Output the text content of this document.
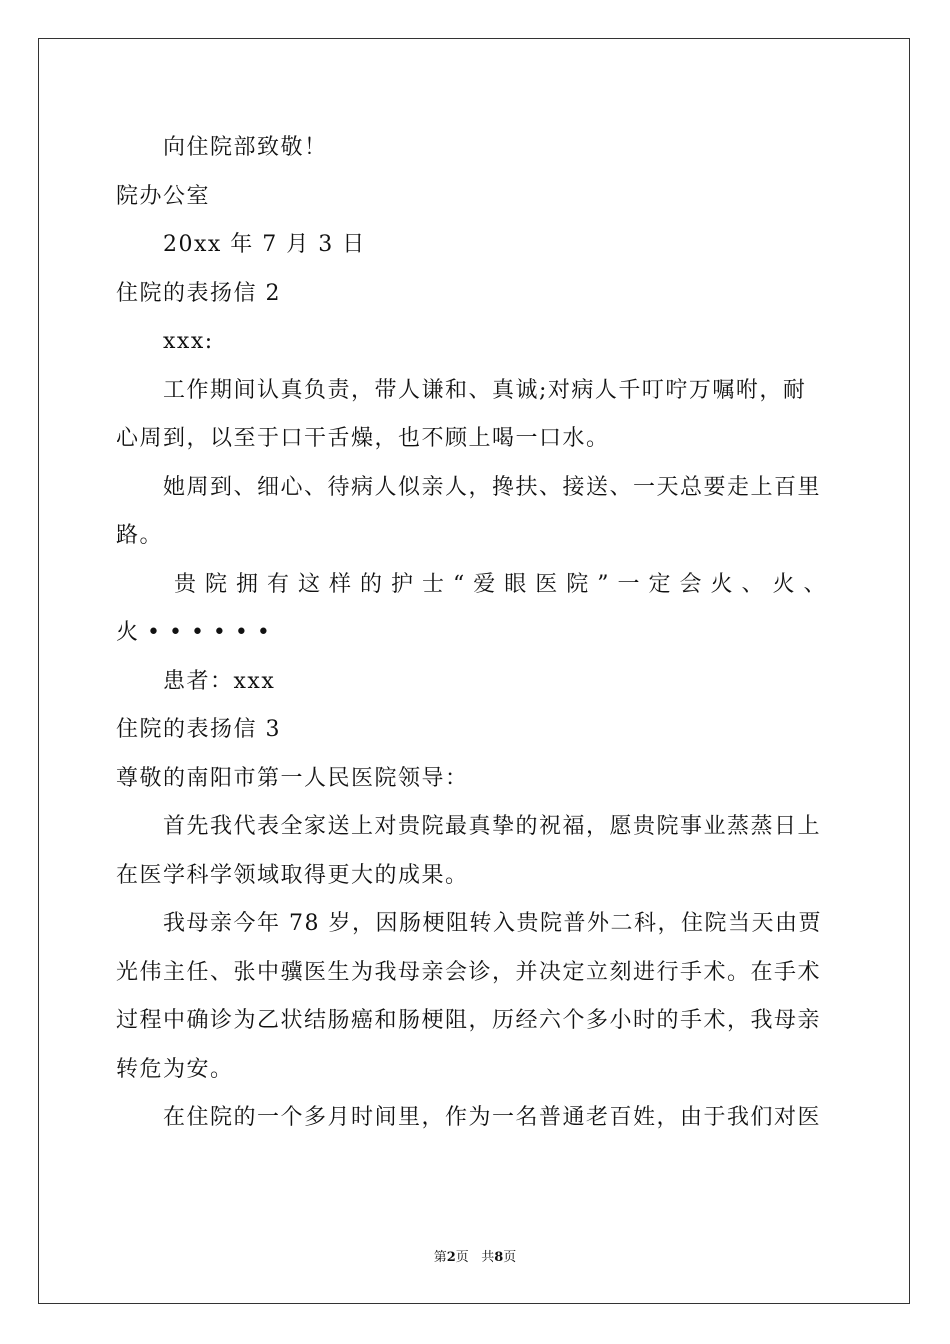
向住院部致敬！
院办公室
20xx 年 7 月 3 日
住院的表扬信 2
xxx:
工作期间认真负责，带人谦和、真诚;对病人千叮咛万嘱咐，耐
心周到，以至于口干舌燥，也不顾上喝一口水。
她周到、细心、待病人似亲人，搀扶、接送、一天总要走上百里
路。
贵院拥有这样的护士“爱眼医院”一定会火、火、
火••••••
患者：xxx
住院的表扬信 3
尊敬的南阳市第一人民医院领导：
首先我代表全家送上对贵院最真挚的祝福，愿贵院事业蒸蒸日上
在医学科学领域取得更大的成果。
我母亲今年 78 岁，因肠梗阻转入贵院普外二科，住院当天由贾
光伟主任、张中骥医生为我母亲会诊，并决定立刻进行手术。在手术
过程中确诊为乙状结肠癌和肠梗阻，历经六个多小时的手术，我母亲
转危为安。
在住院的一个多月时间里，作为一名普通老百姓，由于我们对医
第2页 共8页
